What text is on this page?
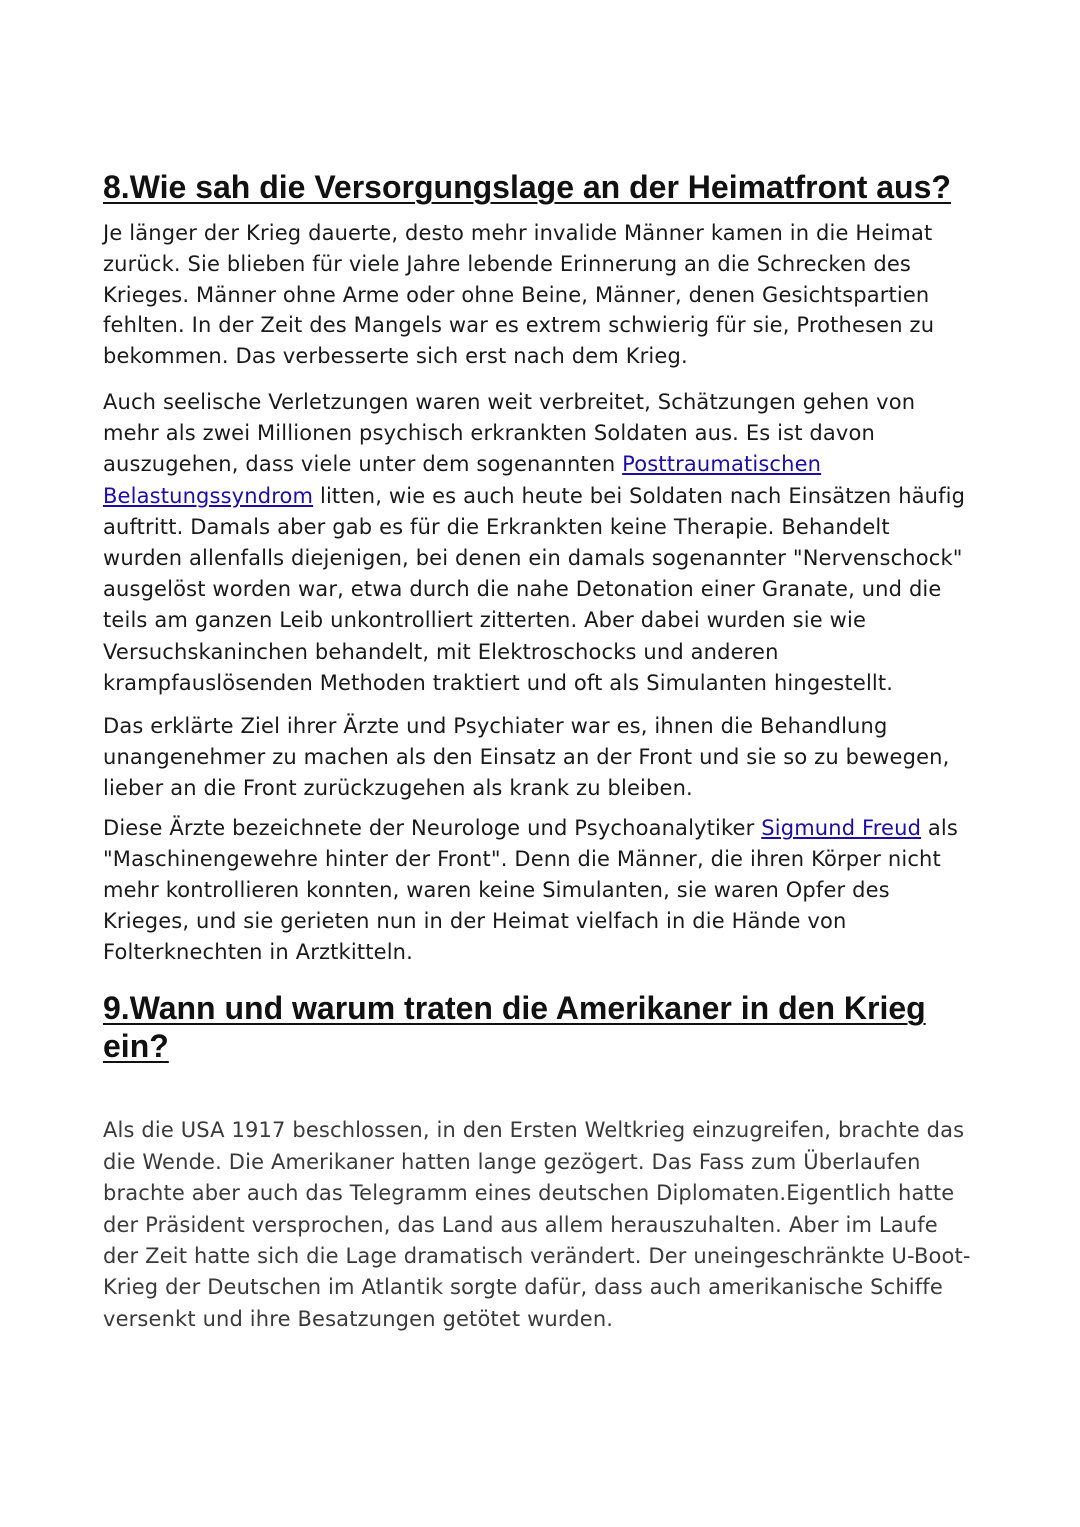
8.Wie sah die Versorgungslage an der Heimatfront aus?

Je länger der Krieg dauerte, desto mehr invalide Männer kamen in die Heimat zurück. Sie blieben für viele Jahre lebende Erinnerung an die Schrecken des Krieges. Männer ohne Arme oder ohne Beine, Männer, denen Gesichtspartien fehlten. In der Zeit des Mangels war es extrem schwierig für sie, Prothesen zu bekommen. Das verbesserte sich erst nach dem Krieg.

Auch seelische Verletzungen waren weit verbreitet, Schätzungen gehen von mehr als zwei Millionen psychisch erkrankten Soldaten aus. Es ist davon auszugehen, dass viele unter dem sogenannten Posttraumatischen Belastungssyndrom litten, wie es auch heute bei Soldaten nach Einsätzen häufig auftritt. Damals aber gab es für die Erkrankten keine Therapie. Behandelt wurden allenfalls diejenigen, bei denen ein damals sogenannter "Nervenschock" ausgelöst worden war, etwa durch die nahe Detonation einer Granate, und die teils am ganzen Leib unkontrolliert zitterten. Aber dabei wurden sie wie Versuchskaninchen behandelt, mit Elektroschocks und anderen krampfauslösenden Methoden traktiert und oft als Simulanten hingestellt.

Das erklärte Ziel ihrer Ärzte und Psychiater war es, ihnen die Behandlung unangenehmer zu machen als den Einsatz an der Front und sie so zu bewegen, lieber an die Front zurückzugehen als krank zu bleiben.

Diese Ärzte bezeichnete der Neurologe und Psychoanalytiker Sigmund Freud als "Maschinengewehre hinter der Front". Denn die Männer, die ihren Körper nicht mehr kontrollieren konnten, waren keine Simulanten, sie waren Opfer des Krieges, und sie gerieten nun in der Heimat vielfach in die Hände von Folterknechten in Arztkitteln.

9.Wann und warum traten die Amerikaner in den Krieg ein?

Als die USA 1917 beschlossen, in den Ersten Weltkrieg einzugreifen, brachte das die Wende. Die Amerikaner hatten lange gezögert. Das Fass zum Überlaufen brachte aber auch das Telegramm eines deutschen Diplomaten.Eigentlich hatte der Präsident versprochen, das Land aus allem herauszuhalten. Aber im Laufe der Zeit hatte sich die Lage dramatisch verändert. Der uneingeschränkte U-Boot-Krieg der Deutschen im Atlantik sorgte dafür, dass auch amerikanische Schiffe versenkt und ihre Besatzungen getötet wurden.
